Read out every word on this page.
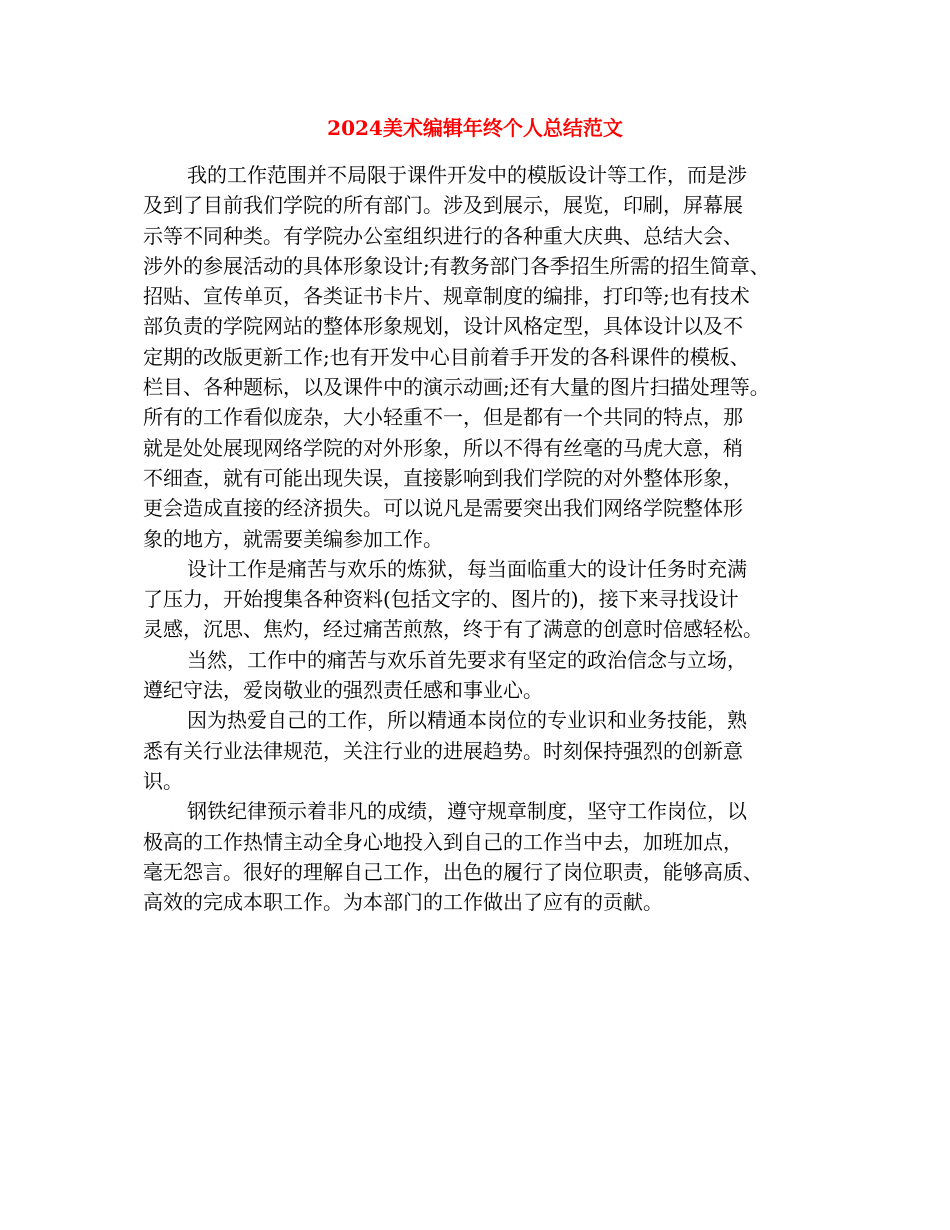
2024美术编辑年终个人总结范文
我的工作范围并不局限于课件开发中的模版设计等工作，而是涉
及到了目前我们学院的所有部门。涉及到展示，展览，印刷，屏幕展
示等不同种类。有学院办公室组织进行的各种重大庆典、总结大会、
涉外的参展活动的具体形象设计;有教务部门各季招生所需的招生简章、
招贴、宣传单页，各类证书卡片、规章制度的编排，打印等;也有技术
部负责的学院网站的整体形象规划，设计风格定型，具体设计以及不
定期的改版更新工作;也有开发中心目前着手开发的各科课件的模板、
栏目、各种题标，以及课件中的演示动画;还有大量的图片扫描处理等。
所有的工作看似庞杂，大小轻重不一，但是都有一个共同的特点，那
就是处处展现网络学院的对外形象，所以不得有丝毫的马虎大意，稍
不细查，就有可能出现失误，直接影响到我们学院的对外整体形象，
更会造成直接的经济损失。可以说凡是需要突出我们网络学院整体形
象的地方，就需要美编参加工作。
设计工作是痛苦与欢乐的炼狱，每当面临重大的设计任务时充满
了压力，开始搜集各种资料(包括文字的、图片的)，接下来寻找设计
灵感，沉思、焦灼，经过痛苦煎熬，终于有了满意的创意时倍感轻松。
当然，工作中的痛苦与欢乐首先要求有坚定的政治信念与立场，
遵纪守法，爱岗敬业的强烈责任感和事业心。
因为热爱自己的工作，所以精通本岗位的专业识和业务技能，熟
悉有关行业法律规范，关注行业的进展趋势。时刻保持强烈的创新意
识。
钢铁纪律预示着非凡的成绩，遵守规章制度，坚守工作岗位，以
极高的工作热情主动全身心地投入到自己的工作当中去，加班加点，
毫无怨言。很好的理解自己工作，出色的履行了岗位职责，能够高质、
高效的完成本职工作。为本部门的工作做出了应有的贡献。
